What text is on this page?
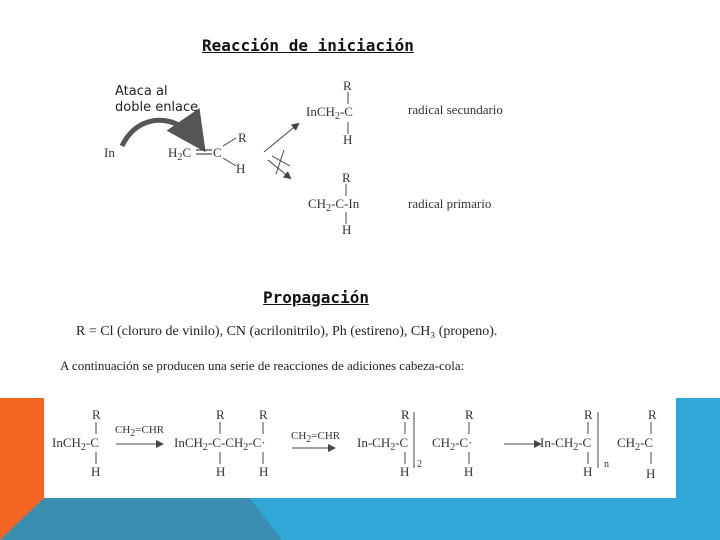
Reacción de iniciación
Ataca al
doble enlace
In	$H_2C$ C
R
H
R
InCH$_2$-C
H
radical secundario
R
$CH_2-C-In$
H
radical primario
Propagación
R = Cl (cloruro de vinilo), CN (acrilonitrilo), Ph (estireno), CH₃ (propeno).
A continuación se producen una serie de reacciones de adiciones cabeza-cola:
R
InCH$_2$-C
H
CH2=CHR
R	R
$InCH_2-C-CH_2-C\cdot$
H	H
CH2=CHR
R	R
$In-CH_2-C$ $CH_2-C\cdot$
H 2	H
R	R
$In-CH_2-C$ $CH_2-C$
H n
H
